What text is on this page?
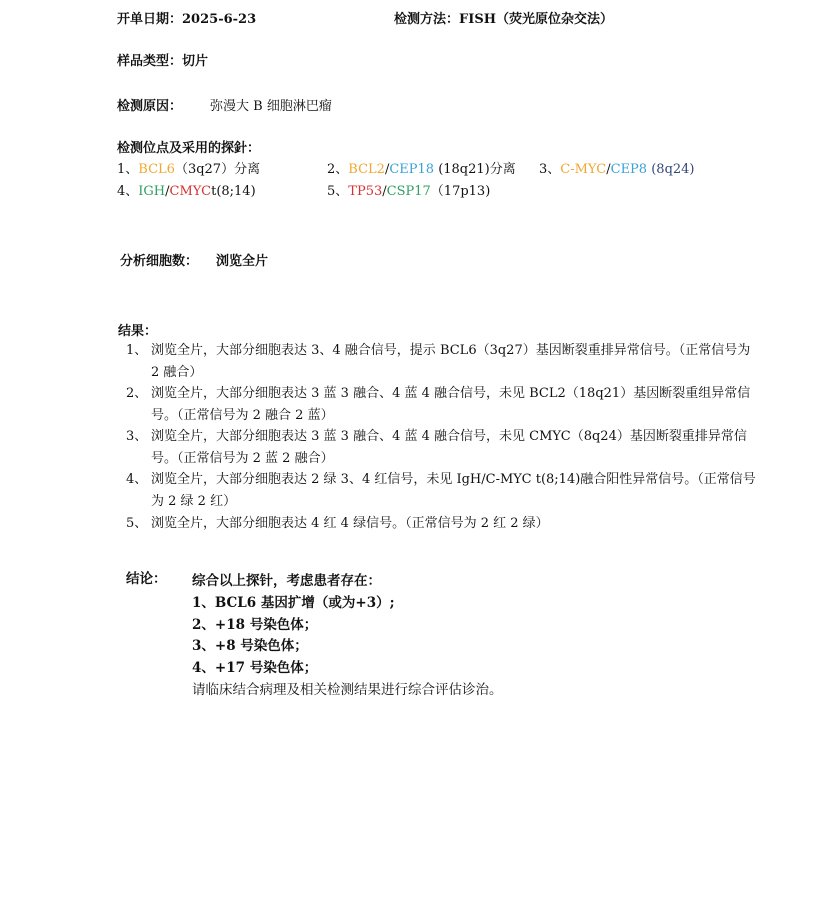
开单日期：2025-6-23	检测方法：FISH（荧光原位杂交法）
样品类型：切片
检测原因： 弥漫大 B 细胞淋巴瘤
检测位点及采用的探針：
1、BCL6（3q27）分离	2、BCL2/CEP18 (18q21)分离 3、C-MYC/CEP8 (8q24)
4、IGH/CMYCt(8;14)	5、TP53/CSP17（17p13)
分析细胞数： 浏览全片
结果：
1、 浏览全片，大部分细胞表达 3、4 融合信号，提示 BCL6（3q27）基因断裂重排异常信号。（正常信号为 2 融合）
2、 浏览全片，大部分细胞表达 3 蓝 3 融合、4 蓝 4 融合信号，未见 BCL2（18q21）基因断裂重组异常信号。（正常信号为 2 融合 2 蓝）
3、 浏览全片，大部分细胞表达 3 蓝 3 融合、4 蓝 4 融合信号，未见 CMYC（8q24）基因断裂重排异常信号。（正常信号为 2 蓝 2 融合）
4、 浏览全片，大部分细胞表达 2 绿 3、4 红信号，未见 IgH/C-MYC t(8;14)融合阳性异常信号。（正常信号为 2 绿 2 红）
5、 浏览全片，大部分细胞表达 4 红 4 绿信号。（正常信号为 2 红 2 绿）
结论： 综合以上探针，考虑患者存在：
1、BCL6 基因扩增（或为+3）;
2、+18 号染色体；
3、+8 号染色体；
4、+17 号染色体；
请临床结合病理及相关检测结果进行综合评估诊治。
